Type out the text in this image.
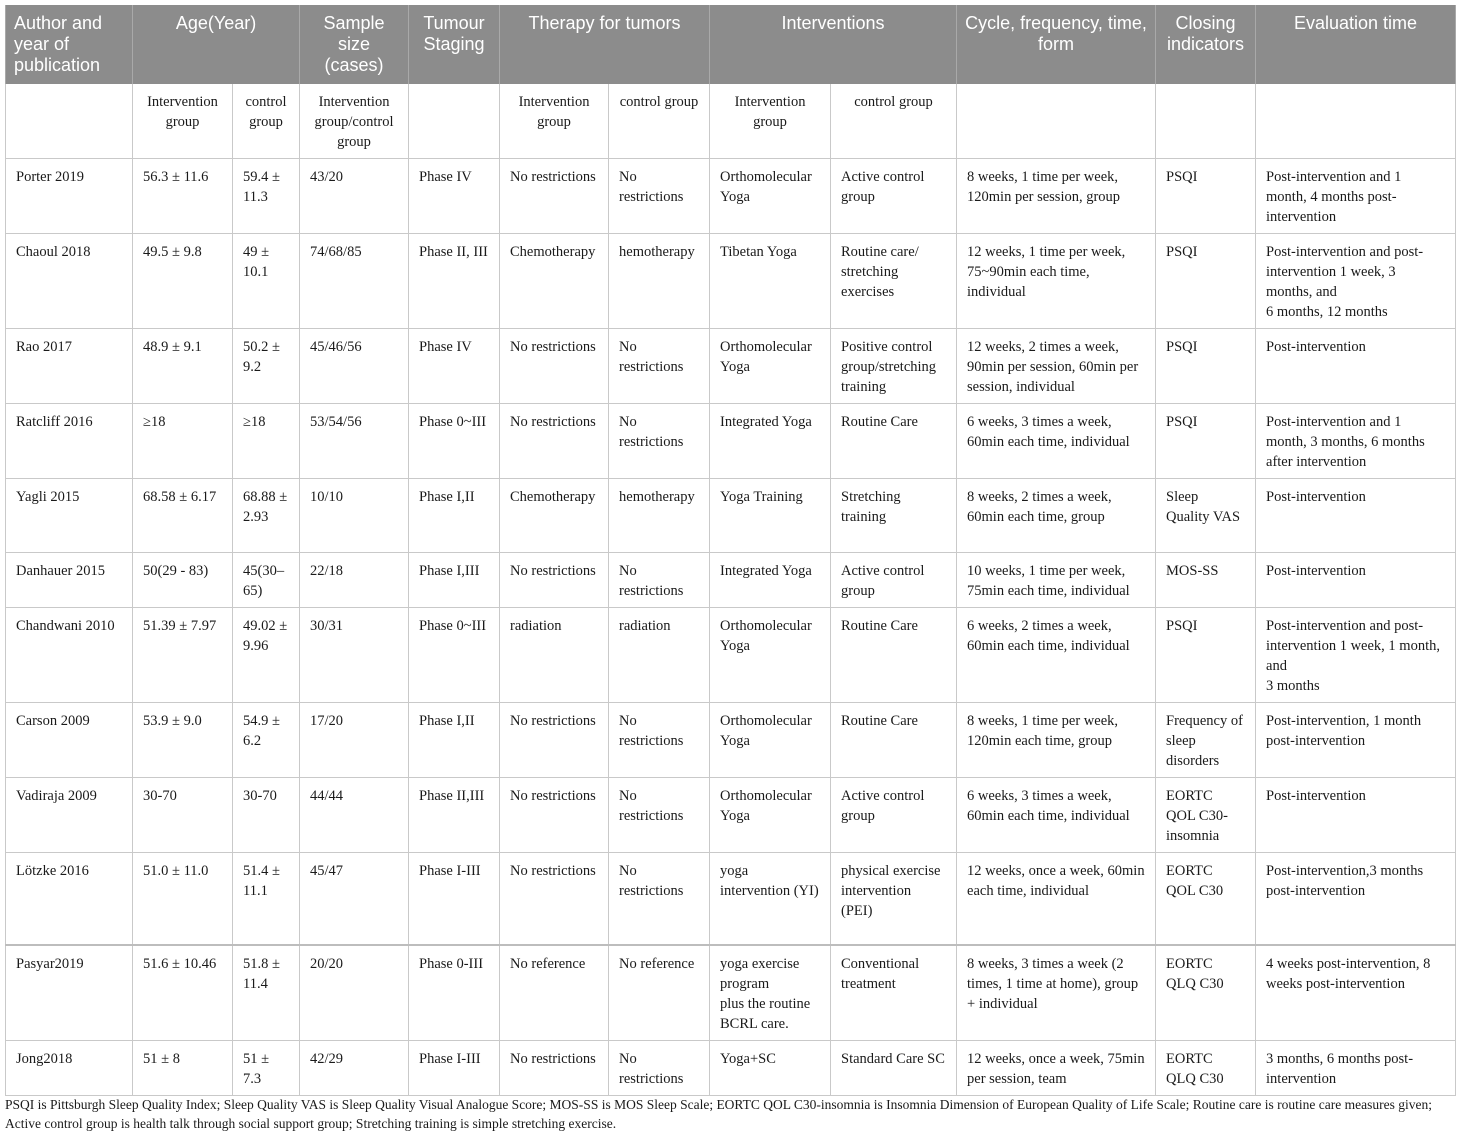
Author and year of publication	Age(Year)		Sample size (cases)	Tumour Staging	Therapy for tumors		Interventions		Cycle, frequency, time, form	Closing indicators	Evaluation time
	Intervention group	control group	Intervention group/control group		Intervention group	control group	Intervention group	control group			
Porter 2019	56.3 ± 11.6	59.4 ± 11.3	43/20	Phase IV	No restrictions	No restrictions	Orthomolecular Yoga	Active control group	8 weeks, 1 time per week, 120min per session, group	PSQI	Post-intervention and 1 month, 4 months post-intervention
Chaoul 2018	49.5 ± 9.8	49 ± 10.1	74/68/85	Phase II, III	Chemotherapy	hemotherapy	Tibetan Yoga	Routine care/ stretching exercises	12 weeks, 1 time per week, 75~90min each time, individual	PSQI	Post-intervention and post-intervention 1 week, 3 months, and
6 months, 12 months

Rao 2017	48.9 ± 9.1	50.2 ± 9.2	45/46/56	Phase IV	No restrictions	No restrictions	Orthomolecular Yoga	Positive control group/stretching training	12 weeks, 2 times a week, 90min per session, 60min per session, individual	PSQI	Post-intervention
Ratcliff 2016	≥18	≥18	53/54/56	Phase 0~III	No restrictions	No restrictions	Integrated Yoga	Routine Care	6 weeks, 3 times a week, 60min each time, individual	PSQI	Post-intervention and 1 month, 3 months, 6 months after intervention
Yagli 2015	68.58 ± 6.17	68.88 ± 2.93	10/10	Phase I,II	Chemotherapy	hemotherapy	Yoga Training	Stretching training	8 weeks, 2 times a week, 60min each time, group	Sleep Quality VAS	Post-intervention
Danhauer 2015	50(29 - 83)	45(30–65)	22/18	Phase I,III	No restrictions	No restrictions	Integrated Yoga	Active control group	10 weeks, 1 time per week, 75min each time, individual	MOS-SS	Post-intervention
Chandwani 2010	51.39 ± 7.97	49.02 ± 9.96	30/31	Phase 0~III	radiation	radiation	Orthomolecular Yoga	Routine Care	6 weeks, 2 times a week, 60min each time, individual	PSQI	Post-intervention and post-intervention 1 week, 1 month, and
3 months

Carson 2009	53.9 ± 9.0	54.9 ± 6.2	17/20	Phase I,II	No restrictions	No restrictions	Orthomolecular Yoga	Routine Care	8 weeks, 1 time per week, 120min each time, group	Frequency of sleep disorders	Post-intervention, 1 month post-intervention
Vadiraja 2009	30-70	30-70	44/44	Phase II,III	No restrictions	No restrictions	Orthomolecular Yoga	Active control group	6 weeks, 3 times a week, 60min each time, individual	EORTC QOL C30-insomnia	Post-intervention
Lötzke 2016	51.0 ± 11.0	51.4 ± 11.1	45/47	Phase I-III	No restrictions	No restrictions	yoga intervention (YI)	physical exercise intervention (PEI)	12 weeks, once a week, 60min each time, individual	EORTC QOL C30	Post-intervention,3 months post-intervention
Pasyar2019	51.6 ± 10.46	51.8 ± 11.4	20/20	Phase 0-III	No reference	No reference	yoga exercise program
plus the routine BCRL care.	Conventional treatment	8 weeks, 3 times a week (2 times, 1 time at home), group + individual	EORTC QLQ C30	4 weeks post-intervention, 8 weeks post-intervention
Jong2018	51 ± 8	51 ± 7.3	42/29	Phase I-III	No restrictions	No restrictions	Yoga+SC	Standard Care SC	12 weeks, once a week, 75min per session, team	EORTC QLQ C30	3 months, 6 months post-intervention
PSQI is Pittsburgh Sleep Quality Index; Sleep Quality VAS is Sleep Quality Visual Analogue Score; MOS-SS is MOS Sleep Scale; EORTC QOL C30-insomnia is Insomnia Dimension of European Quality of Life Scale; Routine care is routine care measures given; Active control group is health talk through social support group; Stretching training is simple stretching exercise.
